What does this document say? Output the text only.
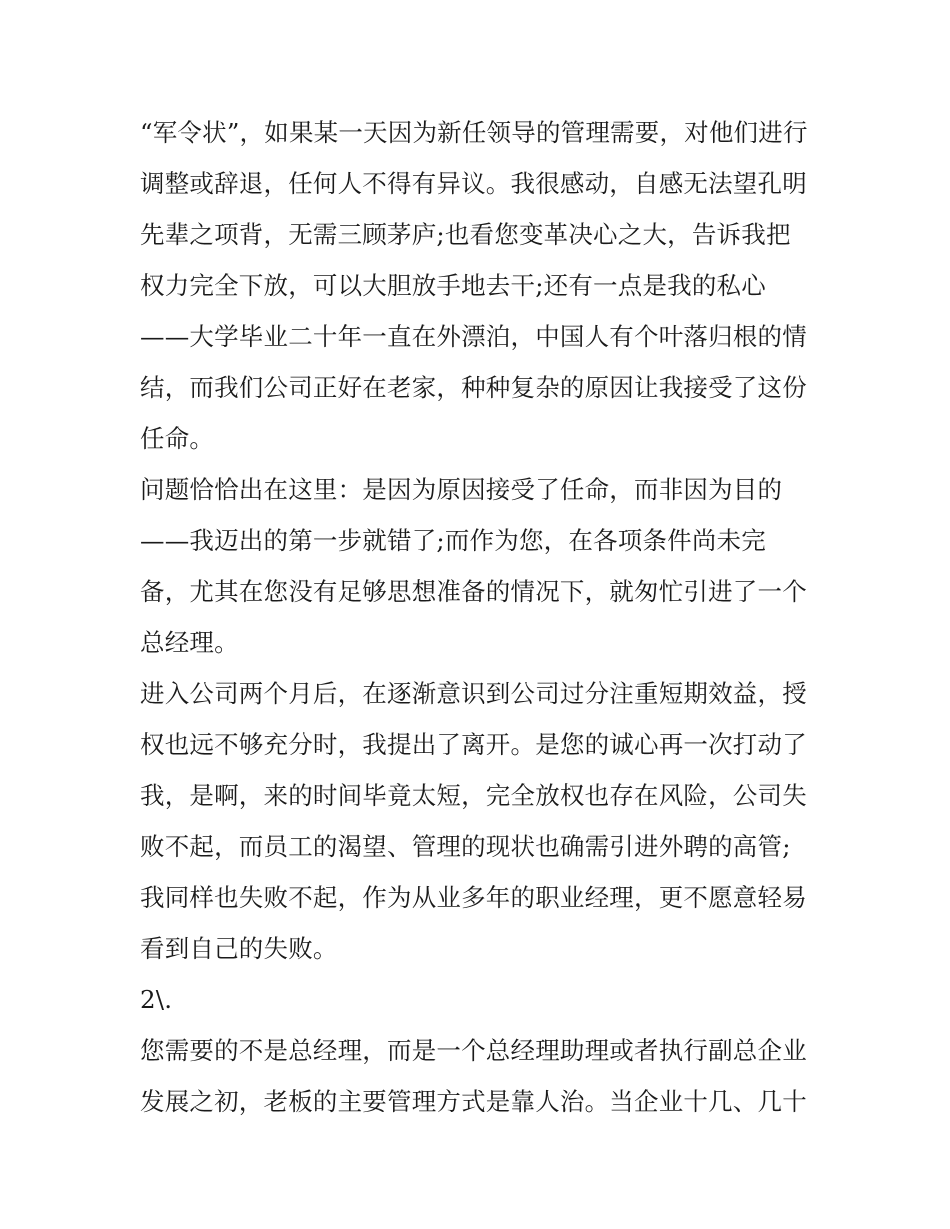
“军令状”，如果某一天因为新任领导的管理需要，对他们进行
调整或辞退，任何人不得有异议。我很感动，自感无法望孔明
先辈之项背，无需三顾茅庐;也看您变革决心之大，告诉我把
权力完全下放，可以大胆放手地去干;还有一点是我的私心
——大学毕业二十年一直在外漂泊，中国人有个叶落归根的情
结，而我们公司正好在老家，种种复杂的原因让我接受了这份
任命。
问题恰恰出在这里：是因为原因接受了任命，而非因为目的
——我迈出的第一步就错了;而作为您，在各项条件尚未完
备，尤其在您没有足够思想准备的情况下，就匆忙引进了一个
总经理。
进入公司两个月后，在逐渐意识到公司过分注重短期效益，授
权也远不够充分时，我提出了离开。是您的诚心再一次打动了
我，是啊，来的时间毕竟太短，完全放权也存在风险，公司失
败不起，而员工的渴望、管理的现状也确需引进外聘的高管;
我同样也失败不起，作为从业多年的职业经理，更不愿意轻易
看到自己的失败。
2\.
您需要的不是总经理，而是一个总经理助理或者执行副总企业
发展之初，老板的主要管理方式是靠人治。当企业十几、几十
